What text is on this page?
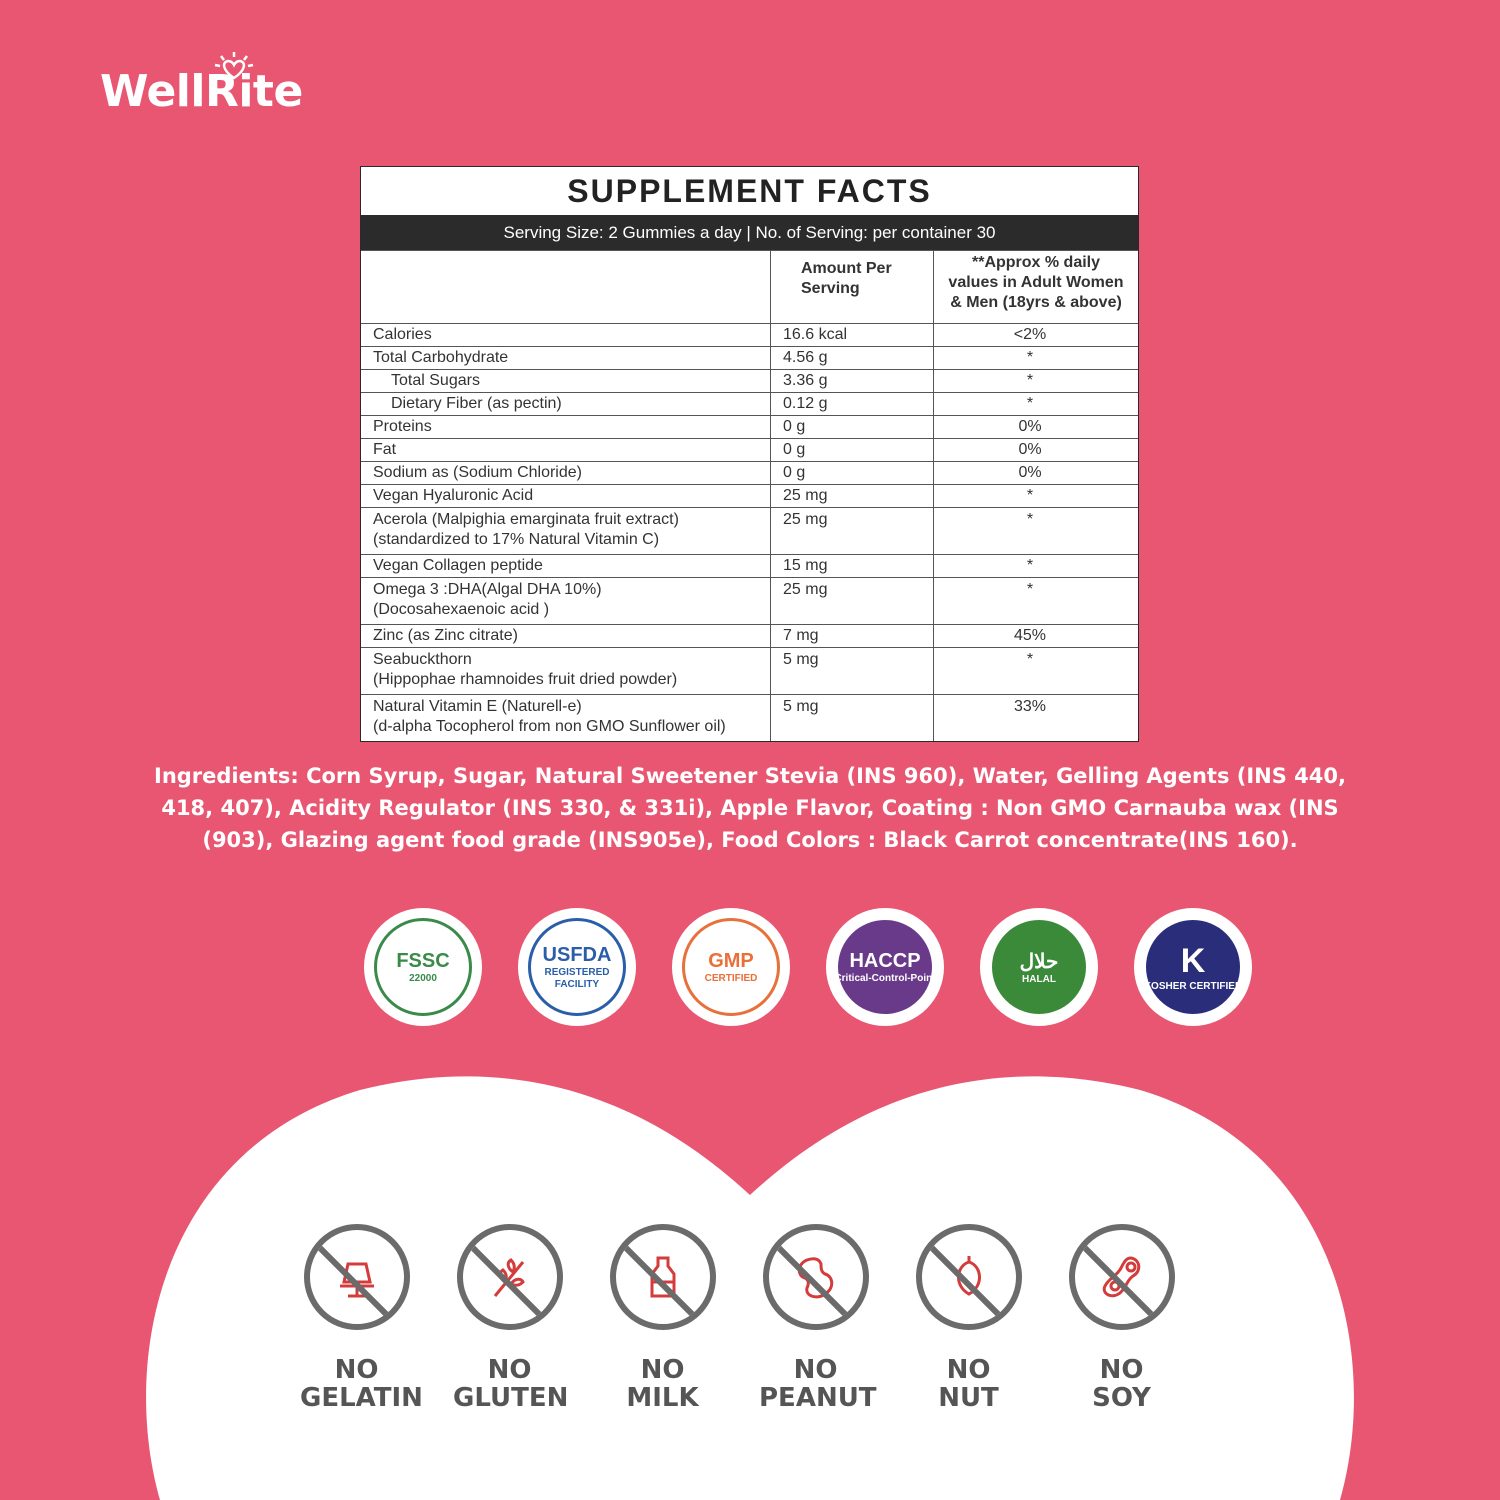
WellRite
SUPPLEMENT FACTS
Serving Size: 2 Gummies a day | No. of Serving: per container 30
	Amount Per Serving	**Approx % daily values in Adult Women & Men (18yrs & above)
Calories	16.6 kcal	<2%
Total Carbohydrate	4.56 g	*
Total Sugars	3.36 g	*
Dietary Fiber (as pectin)	0.12 g	*
Proteins	0 g	0%
Fat	0 g	0%
Sodium as (Sodium Chloride)	0 g	0%
Vegan Hyaluronic Acid	25 mg	*

Acerola (Malpighia emarginata fruit extract)
(standardized to 17% Natural Vitamin C)	25 mg	*
Vegan Collagen peptide	15 mg	*

Omega 3 :DHA(Algal DHA 10%)
(Docosahexaenoic acid )	25 mg	*
Zinc (as Zinc citrate)	7 mg	45%

Seabuckthorn
(Hippophae rhamnoides fruit dried powder)	5 mg	*

Natural Vitamin E (Naturell-e)
(d-alpha Tocopherol from non GMO Sunflower oil)	5 mg	33%
Ingredients: Corn Syrup, Sugar, Natural Sweetener Stevia (INS 960), Water, Gelling Agents (INS 440, 418, 407), Acidity Regulator (INS 330, & 331i), Apple Flavor, Coating : Non GMO Carnauba wax (INS (903), Glazing agent food grade (INS905e), Food Colors : Black Carrot concentrate(INS 160).
FSSC
22000
USFDA
REGISTERED FACILITY
GMP
CERTIFIED
HACCP
Critical-Control-Point
حلال
HALAL	K
KOSHER CERTIFIED
NO
GELATIN
NO
GLUTEN
NO
MILK
NO
PEANUT
NO
NUT
NO
SOY
